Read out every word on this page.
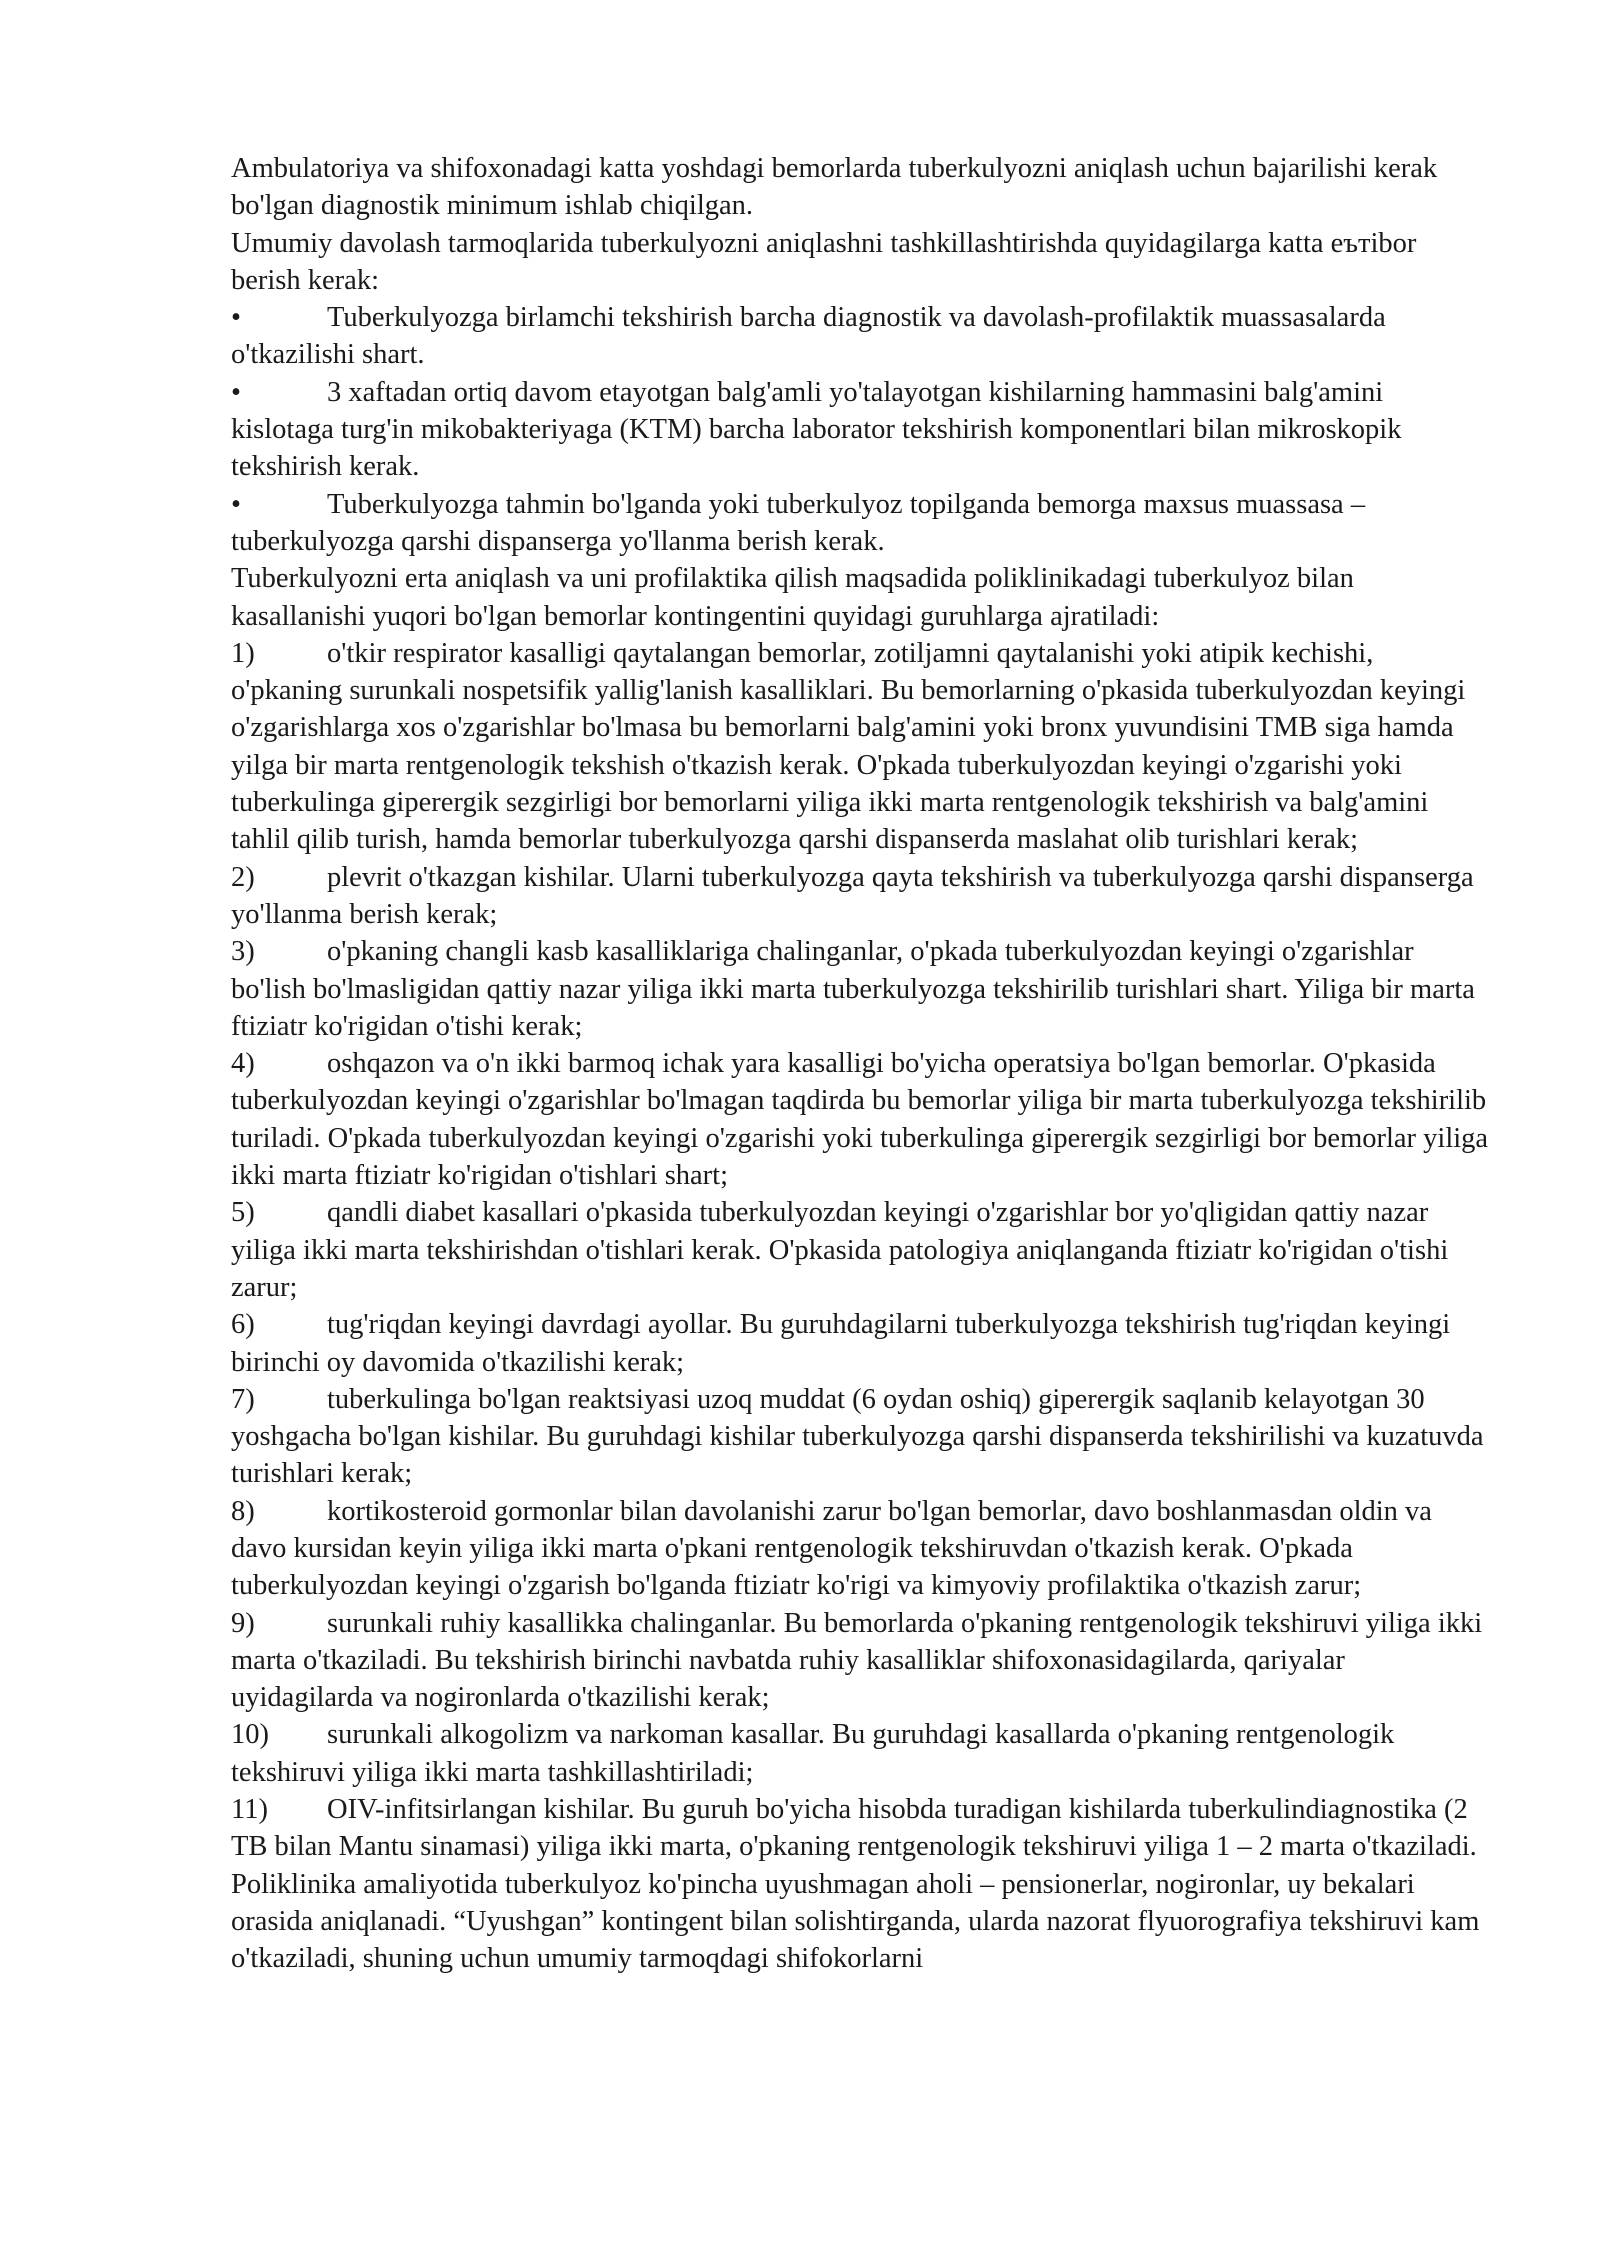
Ambulatoriya va shifoxonadagi katta yoshdagi bemorlarda tuberkulyozni aniqlash uchun bajarilishi kerak bo'lgan diagnostik minimum ishlab chiqilgan.

Umumiy davolash tarmoqlarida tuberkulyozni aniqlashni tashkillashtirishda quyidagilarga katta eътibor berish kerak:

•	Tuberkulyozga birlamchi tekshirish barcha diagnostik va davolash-profilaktik muassasalarda o'tkazilishi shart.

•	3 xaftadan ortiq davom etayotgan balg'amli yo'talayotgan kishilarning hammasini balg'amini kislotaga turg'in mikobakteriyaga (KTM) barcha laborator tekshirish komponentlari bilan mikroskopik tekshirish kerak.

•	Tuberkulyozga tahmin bo'lganda yoki tuberkulyoz topilganda bemorga maxsus muassasa – tuberkulyozga qarshi dispanserga yo'llanma berish kerak.

Tuberkulyozni erta aniqlash va uni profilaktika qilish maqsadida poliklinikadagi tuberkulyoz bilan kasallanishi yuqori bo'lgan bemorlar kontingentini quyidagi guruhlarga ajratiladi:

1)	o'tkir respirator kasalligi qaytalangan bemorlar, zotiljamni qaytalanishi yoki atipik kechishi, o'pkaning surunkali nospetsifik yallig'lanish kasalliklari. Bu bemorlarning o'pkasida tuberkulyozdan keyingi o'zgarishlarga xos o'zgarishlar bo'lmasa bu bemorlarni balg'amini yoki bronx yuvundisini TMB siga hamda yilga bir marta rentgenologik tekshish o'tkazish kerak. O'pkada tuberkulyozdan keyingi o'zgarishi yoki tuberkulinga giperergik sezgirligi bor bemorlarni yiliga ikki marta rentgenologik tekshirish va balg'amini tahlil qilib turish, hamda bemorlar tuberkulyozga qarshi dispanserda maslahat olib turishlari kerak;

2)	plevrit o'tkazgan kishilar. Ularni tuberkulyozga qayta tekshirish va tuberkulyozga qarshi dispanserga yo'llanma berish kerak;

3)	o'pkaning changli kasb kasalliklariga chalinganlar, o'pkada tuberkulyozdan keyingi o'zgarishlar bo'lish bo'lmasligidan qattiy nazar yiliga ikki marta tuberkulyozga tekshirilib turishlari shart. Yiliga bir marta ftiziatr ko'rigidan o'tishi kerak;

4)	oshqazon va o'n ikki barmoq ichak yara kasalligi bo'yicha operatsiya bo'lgan bemorlar. O'pkasida tuberkulyozdan keyingi o'zgarishlar bo'lmagan taqdirda bu bemorlar yiliga bir marta tuberkulyozga tekshirilib turiladi. O'pkada tuberkulyozdan keyingi o'zgarishi yoki tuberkulinga giperergik sezgirligi bor bemorlar yiliga ikki marta ftiziatr ko'rigidan o'tishlari shart;

5)	qandli diabet kasallari o'pkasida tuberkulyozdan keyingi o'zgarishlar bor yo'qligidan qattiy nazar yiliga ikki marta tekshirishdan o'tishlari kerak. O'pkasida patologiya aniqlanganda ftiziatr ko'rigidan o'tishi zarur;

6)	tug'riqdan keyingi davrdagi ayollar. Bu guruhdagilarni tuberkulyozga tekshirish tug'riqdan keyingi birinchi oy davomida o'tkazilishi kerak;

7)	tuberkulinga bo'lgan reaktsiyasi uzoq muddat (6 oydan oshiq) giperergik saqlanib kelayotgan 30 yoshgacha bo'lgan kishilar. Bu guruhdagi kishilar tuberkulyozga qarshi dispanserda tekshirilishi va kuzatuvda turishlari kerak;

8)	kortikosteroid gormonlar bilan davolanishi zarur bo'lgan bemorlar, davo boshlanmasdan oldin va davo kursidan keyin yiliga ikki marta o'pkani rentgenologik tekshiruvdan o'tkazish kerak. O'pkada tuberkulyozdan keyingi o'zgarish bo'lganda ftiziatr ko'rigi va kimyoviy profilaktika o'tkazish zarur;

9)	surunkali ruhiy kasallikka chalinganlar. Bu bemorlarda o'pkaning rentgenologik tekshiruvi yiliga ikki marta o'tkaziladi. Bu tekshirish birinchi navbatda ruhiy kasalliklar shifoxonasidagilarda, qariyalar uyidagilarda va nogironlarda o'tkazilishi kerak;

10) surunkali alkogolizm va narkoman kasallar. Bu guruhdagi kasallarda o'pkaning rentgenologik tekshiruvi yiliga ikki marta tashkillashtiriladi;

11) OIV-infitsirlangan kishilar. Bu guruh bo'yicha hisobda turadigan kishilarda tuberkulindiagnostika (2 TB bilan Mantu sinamasi) yiliga ikki marta, o'pkaning rentgenologik tekshiruvi yiliga 1 – 2 marta o'tkaziladi.

Poliklinika amaliyotida tuberkulyoz ko'pincha uyushmagan aholi – pensionerlar, nogironlar, uy bekalari orasida aniqlanadi. “Uyushgan” kontingent bilan solishtirganda, ularda nazorat flyuorografiya tekshiruvi kam o'tkaziladi, shuning uchun umumiy tarmoqdagi shifokorlarni
